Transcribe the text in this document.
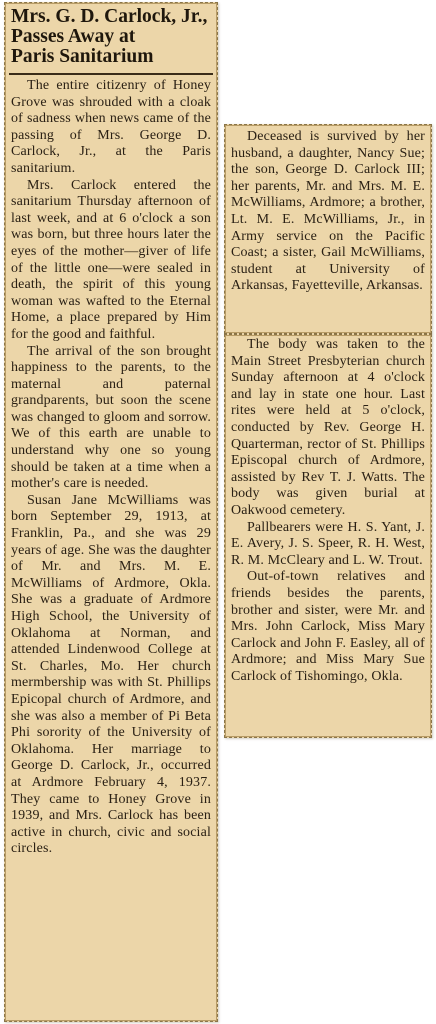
Mrs. G. D. Carlock, Jr.,
Passes Away at
Paris Sanitarium

The entire citizenry of Honey Grove was shrouded with a cloak of sadness when news came of the passing of Mrs. George D. Carlock, Jr., at the Paris sanitarium.

Mrs. Carlock entered the sanitarium Thursday afternoon of last week, and at 6 o'clock a son was born, but three hours later the eyes of the mother—giver of life of the little one—were sealed in death, the spirit of this young woman was wafted to the Eternal Home, a place prepared by Him for the good and faithful.

The arrival of the son brought happiness to the parents, to the maternal and paternal grandparents, but soon the scene was changed to gloom and sorrow. We of this earth are unable to understand why one so young should be taken at a time when a mother's care is needed.

Susan Jane McWilliams was born September 29, 1913, at Franklin, Pa., and she was 29 years of age. She was the daughter of Mr. and Mrs. M. E. McWilliams of Ardmore, Okla. She was a graduate of Ardmore High School, the University of Oklahoma at Norman, and attended Lindenwood College at St. Charles, Mo. Her church mermbership was with St. Phillips Epicopal church of Ardmore, and she was also a member of Pi Beta Phi sorority of the University of Oklahoma. Her marriage to George D. Carlock, Jr., occurred at Ardmore February 4, 1937. They came to Honey Grove in 1939, and Mrs. Carlock has been active in church, civic and social circles.

Deceased is survived by her husband, a daughter, Nancy Sue; the son, George D. Carlock III; her parents, Mr. and Mrs. M. E. McWilliams, Ardmore; a brother, Lt. M. E. McWilliams, Jr., in Army service on the Pacific Coast; a sister, Gail McWilliams, student at University of Arkansas, Fayetteville, Arkansas.

The body was taken to the Main Street Presbyterian church Sunday afternoon at 4 o'clock and lay in state one hour. Last rites were held at 5 o'clock, conducted by Rev. George H. Quarterman, rector of St. Phillips Episcopal church of Ardmore, assisted by Rev T. J. Watts. The body was given burial at Oakwood cemetery.

Pallbearers were H. S. Yant, J. E. Avery, J. S. Speer, R. H. West, R. M. McCleary and L. W. Trout.

Out-of-town relatives and friends besides the parents, brother and sister, were Mr. and Mrs. John Carlock, Miss Mary Carlock and John F. Easley, all of Ardmore; and Miss Mary Sue Carlock of Tishomingo, Okla.
